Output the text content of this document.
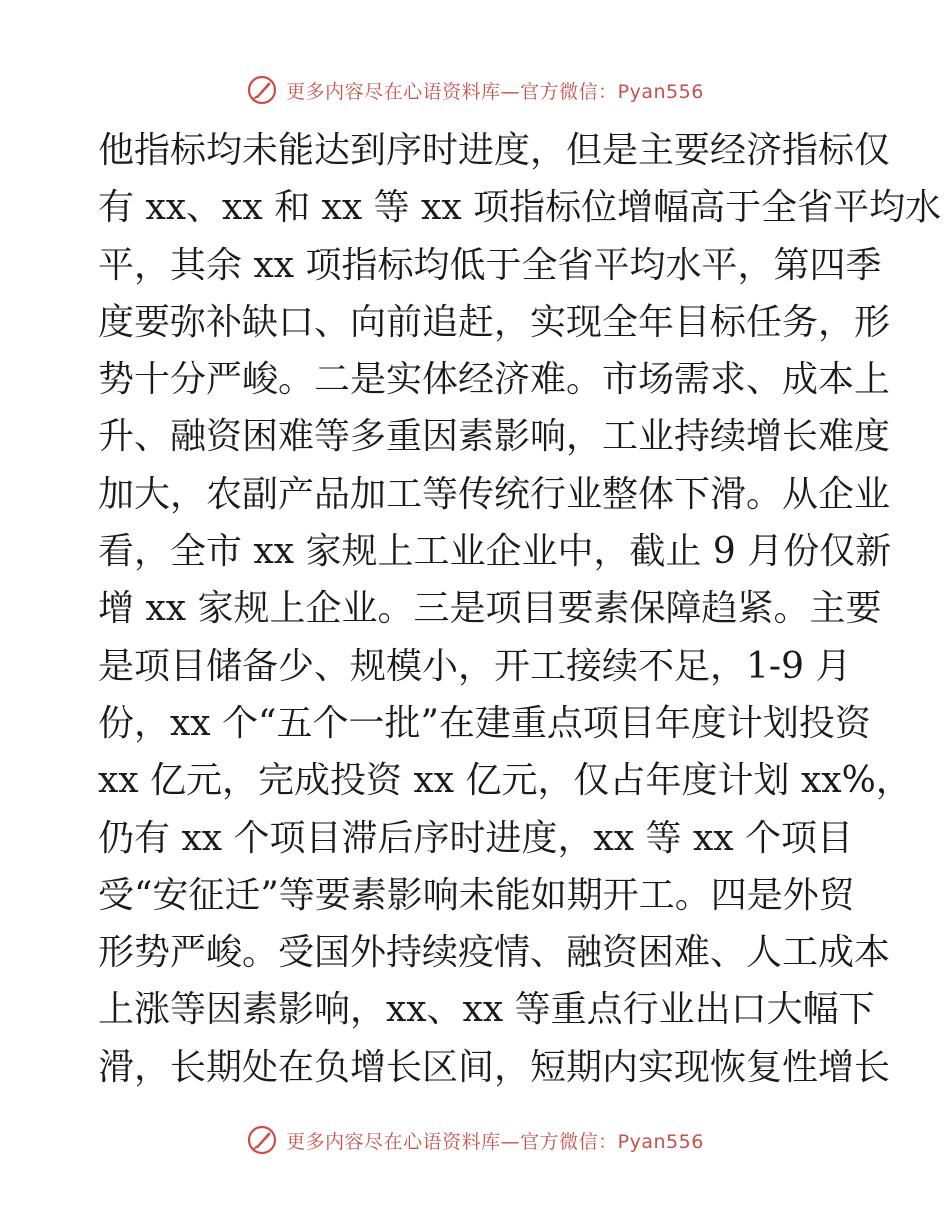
更多内容尽在心语资料库—官方微信：Pyan556
他指标均未能达到序时进度，但是主要经济指标仅
有 xx、xx 和 xx 等 xx 项指标位增幅高于全省平均水
平，其余 xx 项指标均低于全省平均水平，第四季
度要弥补缺口、向前追赶，实现全年目标任务，形
势十分严峻。二是实体经济难。市场需求、成本上
升、融资困难等多重因素影响，工业持续增长难度
加大，农副产品加工等传统行业整体下滑。从企业
看，全市 xx 家规上工业企业中，截止 9 月份仅新
增 xx 家规上企业。三是项目要素保障趋紧。主要
是项目储备少、规模小，开工接续不足，1-9 月
份，xx 个“五个一批”在建重点项目年度计划投资
xx 亿元，完成投资 xx 亿元，仅占年度计划 xx%，
仍有 xx 个项目滞后序时进度，xx 等 xx 个项目
受“安征迁”等要素影响未能如期开工。四是外贸
形势严峻。受国外持续疫情、融资困难、人工成本
上涨等因素影响，xx、xx 等重点行业出口大幅下
滑，长期处在负增长区间，短期内实现恢复性增长
更多内容尽在心语资料库—官方微信：Pyan556
